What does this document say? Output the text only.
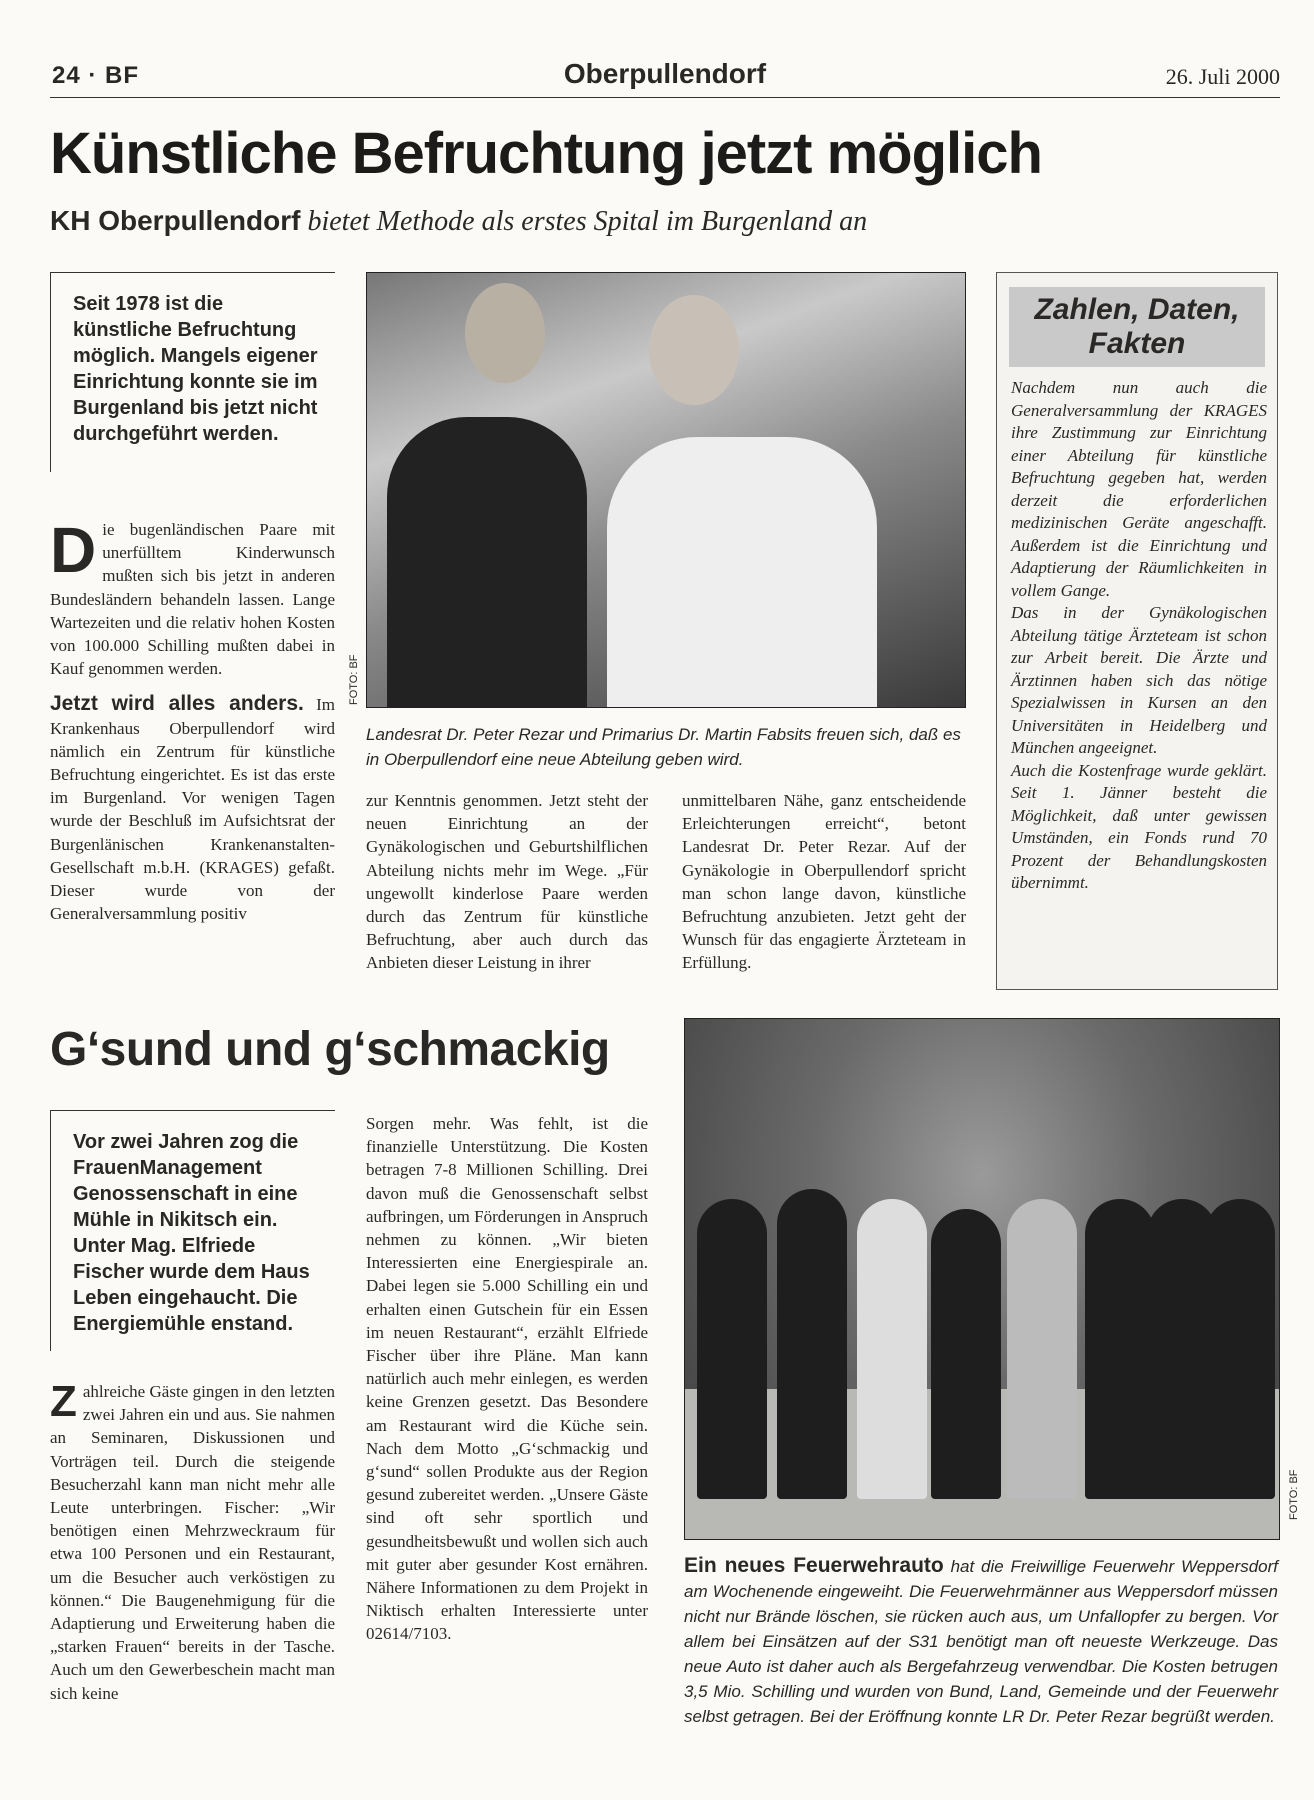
24 · BF	Oberpullendorf	26. Juli 2000
Künstliche Befruchtung jetzt möglich
KH Oberpullendorf bietet Methode als erstes Spital im Burgenland an
Seit 1978 ist die künstliche Befruchtung möglich. Mangels eigener Einrichtung konnte sie im Burgenland bis jetzt nicht durchgeführt werden.
D ie bugenländischen Paare mit unerfülltem Kinderwunsch mußten sich bis jetzt in anderen Bundesländern behandeln lassen. Lange Wartezeiten und die relativ hohen Kosten von 100.000 Schilling mußten dabei in Kauf genommen werden.

Jetzt wird alles anders. Im Krankenhaus Oberpullendorf wird nämlich ein Zentrum für künstliche Befruchtung eingerichtet. Es ist das erste im Burgenland. Vor wenigen Tagen wurde der Beschluß im Aufsichtsrat der Burgenlänischen Krankenanstalten-Gesellschaft m.b.H. (KRAGES) gefaßt. Dieser wurde von der Generalversammlung positiv

FOTO: BF
Landesrat Dr. Peter Rezar und Primarius Dr. Martin Fabsits freuen sich, daß es in Oberpullendorf eine neue Abteilung geben wird.
zur Kenntnis genommen. Jetzt steht der neuen Einrichtung an der Gynäkologischen und Geburtshilflichen Abteilung nichts mehr im Wege. „Für ungewollt kinderlose Paare werden durch das Zentrum für künstliche Befruchtung, aber auch durch das Anbieten dieser Leistung in ihrer
unmittelbaren Nähe, ganz entscheidende Erleichterungen erreicht“, betont Landesrat Dr. Peter Rezar. Auf der Gynäkologie in Oberpullendorf spricht man schon lange davon, künstliche Befruchtung anzubieten. Jetzt geht der Wunsch für das engagierte Ärzteteam in Erfüllung.
Zahlen, Daten, Fakten

Nachdem nun auch die Generalversammlung der KRAGES ihre Zustimmung zur Einrichtung einer Abteilung für künstliche Befruchtung gegeben hat, werden derzeit die erforderlichen medizinischen Geräte angeschafft. Außerdem ist die Einrichtung und Adaptierung der Räumlichkeiten in vollem Gange.

Das in der Gynäkologischen Abteilung tätige Ärzteteam ist schon zur Arbeit bereit. Die Ärzte und Ärztinnen haben sich das nötige Spezialwissen in Kursen an den Universitäten in Heidelberg und München angeeignet.

Auch die Kostenfrage wurde geklärt. Seit 1. Jänner besteht die Möglichkeit, daß unter gewissen Umständen, ein Fonds rund 70 Prozent der Behandlungskosten übernimmt.

G‘sund und g‘schmackig
Vor zwei Jahren zog die FrauenManagement Genossenschaft in eine Mühle in Nikitsch ein. Unter Mag. Elfriede Fischer wurde dem Haus Leben eingehaucht. Die Energiemühle enstand.
Z ahlreiche Gäste gingen in den letzten zwei Jahren ein und aus. Sie nahmen an Seminaren, Diskussionen und Vorträgen teil. Durch die steigende Besucherzahl kann man nicht mehr alle Leute unterbringen. Fischer: „Wir benötigen einen Mehrzweckraum für etwa 100 Personen und ein Restaurant, um die Besucher auch verköstigen zu können.“ Die Baugenehmigung für die Adaptierung und Erweiterung haben die „starken Frauen“ bereits in der Tasche. Auch um den Gewerbeschein macht man sich keine
Sorgen mehr. Was fehlt, ist die finanzielle Unterstützung. Die Kosten betragen 7-8 Millionen Schilling. Drei davon muß die Genossenschaft selbst aufbringen, um Förderungen in Anspruch nehmen zu können. „Wir bieten Interessierten eine Energiespirale an. Dabei legen sie 5.000 Schilling ein und erhalten einen Gutschein für ein Essen im neuen Restaurant“, erzählt Elfriede Fischer über ihre Pläne. Man kann natürlich auch mehr einlegen, es werden keine Grenzen gesetzt. Das Besondere am Restaurant wird die Küche sein. Nach dem Motto „G‘schmackig und g‘sund“ sollen Produkte aus der Region gesund zubereitet werden. „Unsere Gäste sind oft sehr sportlich und gesundheitsbewußt und wollen sich auch mit guter aber gesunder Kost ernähren. Nähere Informationen zu dem Projekt in Niktisch erhalten Interessierte unter 02614/7103.
FOTO: BF
Ein neues Feuerwehrauto hat die Freiwillige Feuerwehr Weppersdorf am Wochenende eingeweiht. Die Feuerwehrmänner aus Weppersdorf müssen nicht nur Brände löschen, sie rücken auch aus, um Unfallopfer zu bergen. Vor allem bei Einsätzen auf der S31 benötigt man oft neueste Werkzeuge. Das neue Auto ist daher auch als Bergefahrzeug verwendbar. Die Kosten betrugen 3,5 Mio. Schilling und wurden von Bund, Land, Gemeinde und der Feuerwehr selbst getragen. Bei der Eröffnung konnte LR Dr. Peter Rezar begrüßt werden.
